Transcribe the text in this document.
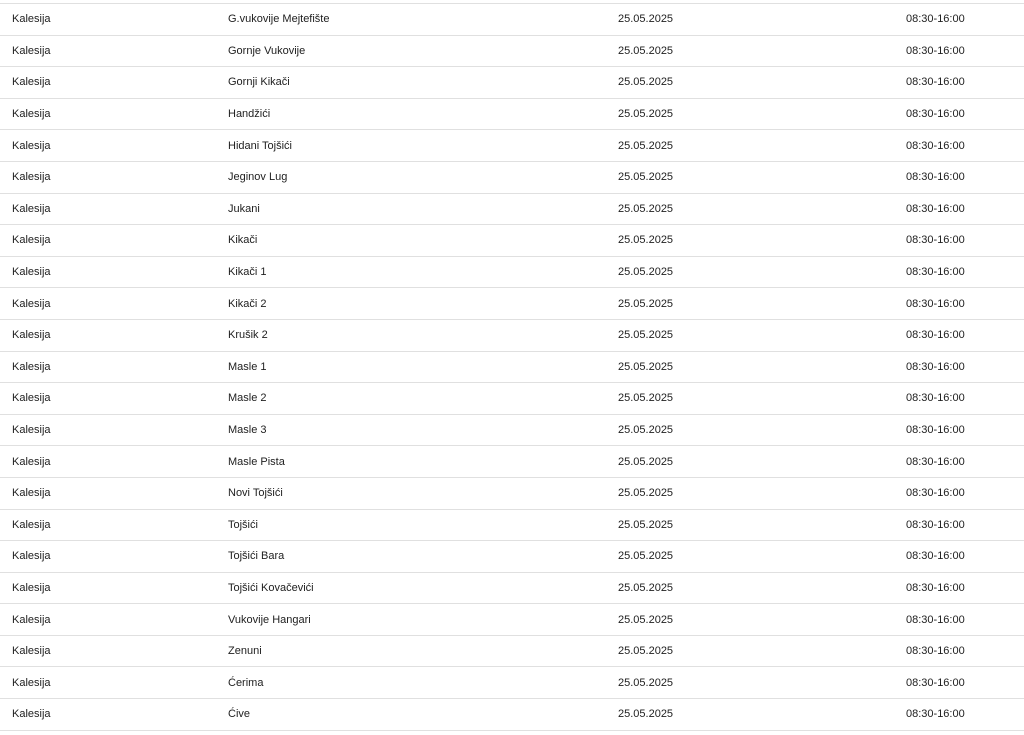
Kalesija	G.vukovije Mejtefište	25.05.2025	08:30-16:00
Kalesija	Gornje Vukovije	25.05.2025	08:30-16:00
Kalesija	Gornji Kikači	25.05.2025	08:30-16:00
Kalesija	Handžići	25.05.2025	08:30-16:00
Kalesija	Hidani Tojšići	25.05.2025	08:30-16:00
Kalesija	Jeginov Lug	25.05.2025	08:30-16:00
Kalesija	Jukani	25.05.2025	08:30-16:00
Kalesija	Kikači	25.05.2025	08:30-16:00
Kalesija	Kikači 1	25.05.2025	08:30-16:00
Kalesija	Kikači 2	25.05.2025	08:30-16:00
Kalesija	Krušik 2	25.05.2025	08:30-16:00
Kalesija	Masle 1	25.05.2025	08:30-16:00
Kalesija	Masle 2	25.05.2025	08:30-16:00
Kalesija	Masle 3	25.05.2025	08:30-16:00
Kalesija	Masle Pista	25.05.2025	08:30-16:00
Kalesija	Novi Tojšići	25.05.2025	08:30-16:00
Kalesija	Tojšići	25.05.2025	08:30-16:00
Kalesija	Tojšići Bara	25.05.2025	08:30-16:00
Kalesija	Tojšići Kovačevići	25.05.2025	08:30-16:00
Kalesija	Vukovije Hangari	25.05.2025	08:30-16:00
Kalesija	Zenuni	25.05.2025	08:30-16:00
Kalesija	Ćerima	25.05.2025	08:30-16:00
Kalesija	Ćive	25.05.2025	08:30-16:00
